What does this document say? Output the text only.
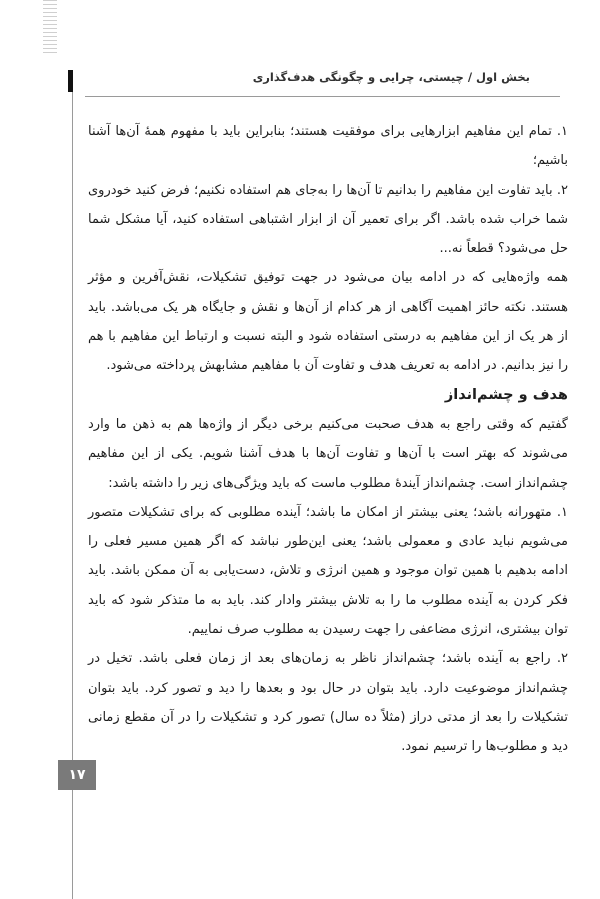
بخش اول / چیستی، چرایی و چگونگی هدف‌گذاری

۱. تمام این مفاهیم ابزارهایی برای موفقیت هستند؛ بنابراین باید با مفهوم همهٔ آن‌ها آشنا باشیم؛

۲. باید تفاوت این مفاهیم را بدانیم تا آن‌ها را به‌جای هم استفاده نکنیم؛ فرض کنید خودروی شما خراب شده باشد. اگر برای تعمیر آن از ابزار اشتباهی استفاده کنید، آیا مشکل شما حل می‌شود؟ قطعاً نه...

همه واژه‌هایی که در ادامه بیان می‌شود در جهت توفیق تشکیلات، نقش‌آفرین و مؤثر هستند. نکته حائز اهمیت آگاهی از هر کدام از آن‌ها و نقش و جایگاه هر یک می‌باشد. باید از هر یک از این مفاهیم به درستی استفاده شود و البته نسبت و ارتباط این مفاهیم با هم را نیز بدانیم. در ادامه به تعریف هدف و تفاوت آن با مفاهیم مشابهش پرداخته می‌شود.

هدف و چشم‌انداز

گفتیم که وقتی راجع به هدف صحبت می‌کنیم برخی دیگر از واژه‌ها هم به ذهن ما وارد می‌شوند که بهتر است با آن‌ها و تفاوت آن‌ها با هدف آشنا شویم. یکی از این مفاهیم چشم‌انداز است. چشم‌انداز آیندهٔ مطلوب ماست که باید ویژگی‌های زیر را داشته باشد:

۱. متهورانه باشد؛ یعنی بیشتر از امکان ما باشد؛ آینده مطلوبی که برای تشکیلات متصور می‌شویم نباید عادی و معمولی باشد؛ یعنی این‌طور نباشد که اگر همین مسیر فعلی را ادامه بدهیم با همین توان موجود و همین انرژی و تلاش، دست‌یابی به آن ممکن باشد. باید فکر کردن به آینده مطلوب ما را به تلاش بیشتر وادار کند. باید به ما متذکر شود که باید توان بیشتری، انرژی مضاعفی را جهت رسیدن به مطلوب صرف نماییم.

۲. راجع به آینده باشد؛ چشم‌انداز ناظر به زمان‌های بعد از زمان فعلی باشد. تخیل در چشم‌انداز موضوعیت دارد. باید بتوان در حال بود و بعدها را دید و تصور کرد. باید بتوان تشکیلات را بعد از مدتی دراز (مثلاً ده سال) تصور کرد و تشکیلات را در آن مقطع زمانی دید و مطلوب‌ها را ترسیم نمود.

۱۷
